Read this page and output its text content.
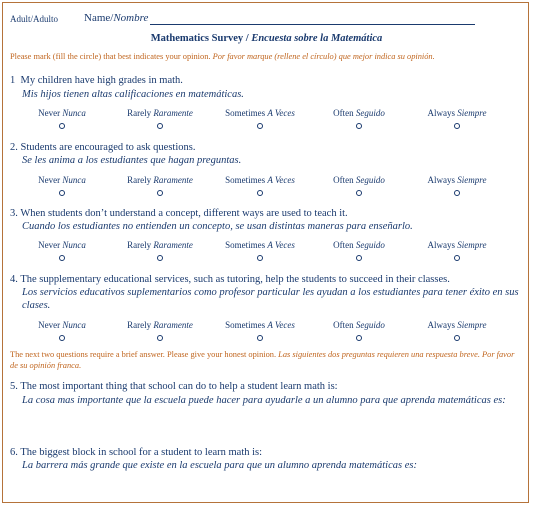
Adult/Adulto Name/Nombre
Mathematics Survey / Encuesta sobre la Matemática
Please mark (fill the circle) that best indicates your opinion. Por favor marque (rellene el círculo) que mejor indica su opinión.
1 My children have high grades in math.
Mis hijos tienen altas calificaciones en matemáticas.
2. Students are encouraged to ask questions.
Se les anima a los estudiantes que hagan preguntas.
3. When students don’t understand a concept, different ways are used to teach it.
Cuando los estudiantes no entienden un concepto, se usan distintas maneras para enseñarlo.
4. The supplementary educational services, such as tutoring, help the students to succeed in their classes.
Los servicios educativos suplementarios como profesor particular les ayudan a los estudiantes para tener éxito en sus clases.
Never Nunca	Rarely Raramente	Sometimes A Veces	Often Seguido	Always Siempre
Never Nunca	Rarely Raramente	Sometimes A Veces	Often Seguido	Always Siempre
Never Nunca	Rarely Raramente	Sometimes A Veces	Often Seguido	Always Siempre
Never Nunca	Rarely Raramente	Sometimes A Veces	Often Seguido	Always Siempre
The next two questions require a brief answer. Please give your honest opinion. Las siguientes dos preguntas requieren una respuesta breve. Por favor de su opinión franca.
5. The most important thing that school can do to help a student learn math is:
La cosa mas importante que la escuela puede hacer para ayudarle a un alumno para que aprenda matemáticas es:
6. The biggest block in school for a student to learn math is:
La barrera más grande que existe en la escuela para que un alumno aprenda matemáticas es:
